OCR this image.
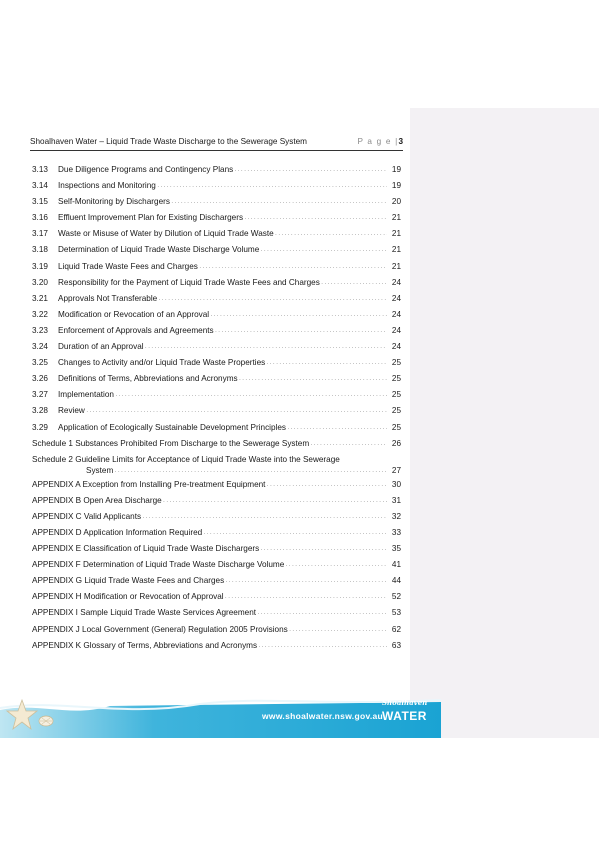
Shoalhaven Water – Liquid Trade Waste Discharge to the Sewerage System	P a g e |3
3.13 Due Diligence Programs and Contingency Plans . . .	19
3.14 Inspections and Monitoring . . .	19
3.15 Self-Monitoring by Dischargers . . .	20
3.16 Effluent Improvement Plan for Existing Dischargers . . .	21
3.17 Waste or Misuse of Water by Dilution of Liquid Trade Waste . . .	21
3.18 Determination of Liquid Trade Waste Discharge Volume . . .	21
3.19 Liquid Trade Waste Fees and Charges . . .	21
3.20 Responsibility for the Payment of Liquid Trade Waste Fees and Charges . . .	24
3.21 Approvals Not Transferable . . .	24
3.22 Modification or Revocation of an Approval . . .	24
3.23 Enforcement of Approvals and Agreements . . .	24
3.24 Duration of an Approval . . .	24
3.25 Changes to Activity and/or Liquid Trade Waste Properties . . .	25
3.26 Definitions of Terms, Abbreviations and Acronyms . . .	25
3.27 Implementation . . .	25
3.28 Review . . .	25
3.29 Application of Ecologically Sustainable Development Principles . . .	25
Schedule 1 Substances Prohibited From Discharge to the Sewerage System . . .	26
Schedule 2 Guideline Limits for Acceptance of Liquid Trade Waste into the Sewerage
System . . .	27
APPENDIX A Exception from Installing Pre-treatment Equipment . . .	30
APPENDIX B Open Area Discharge . . .	31
APPENDIX C Valid Applicants . . .	32
APPENDIX D Application Information Required . . .	33
APPENDIX E Classification of Liquid Trade Waste Dischargers . . .	35
APPENDIX F Determination of Liquid Trade Waste Discharge Volume . . .	41
APPENDIX G Liquid Trade Waste Fees and Charges . . .	44
APPENDIX H Modification or Revocation of Approval . . .	52
APPENDIX I Sample Liquid Trade Waste Services Agreement . . .	53
APPENDIX J Local Government (General) Regulation 2005 Provisions . . .	62
APPENDIX K Glossary of Terms, Abbreviations and Acronyms . . .	63
www.shoalwater.nsw.gov.au
Shoalhaven
WATER
